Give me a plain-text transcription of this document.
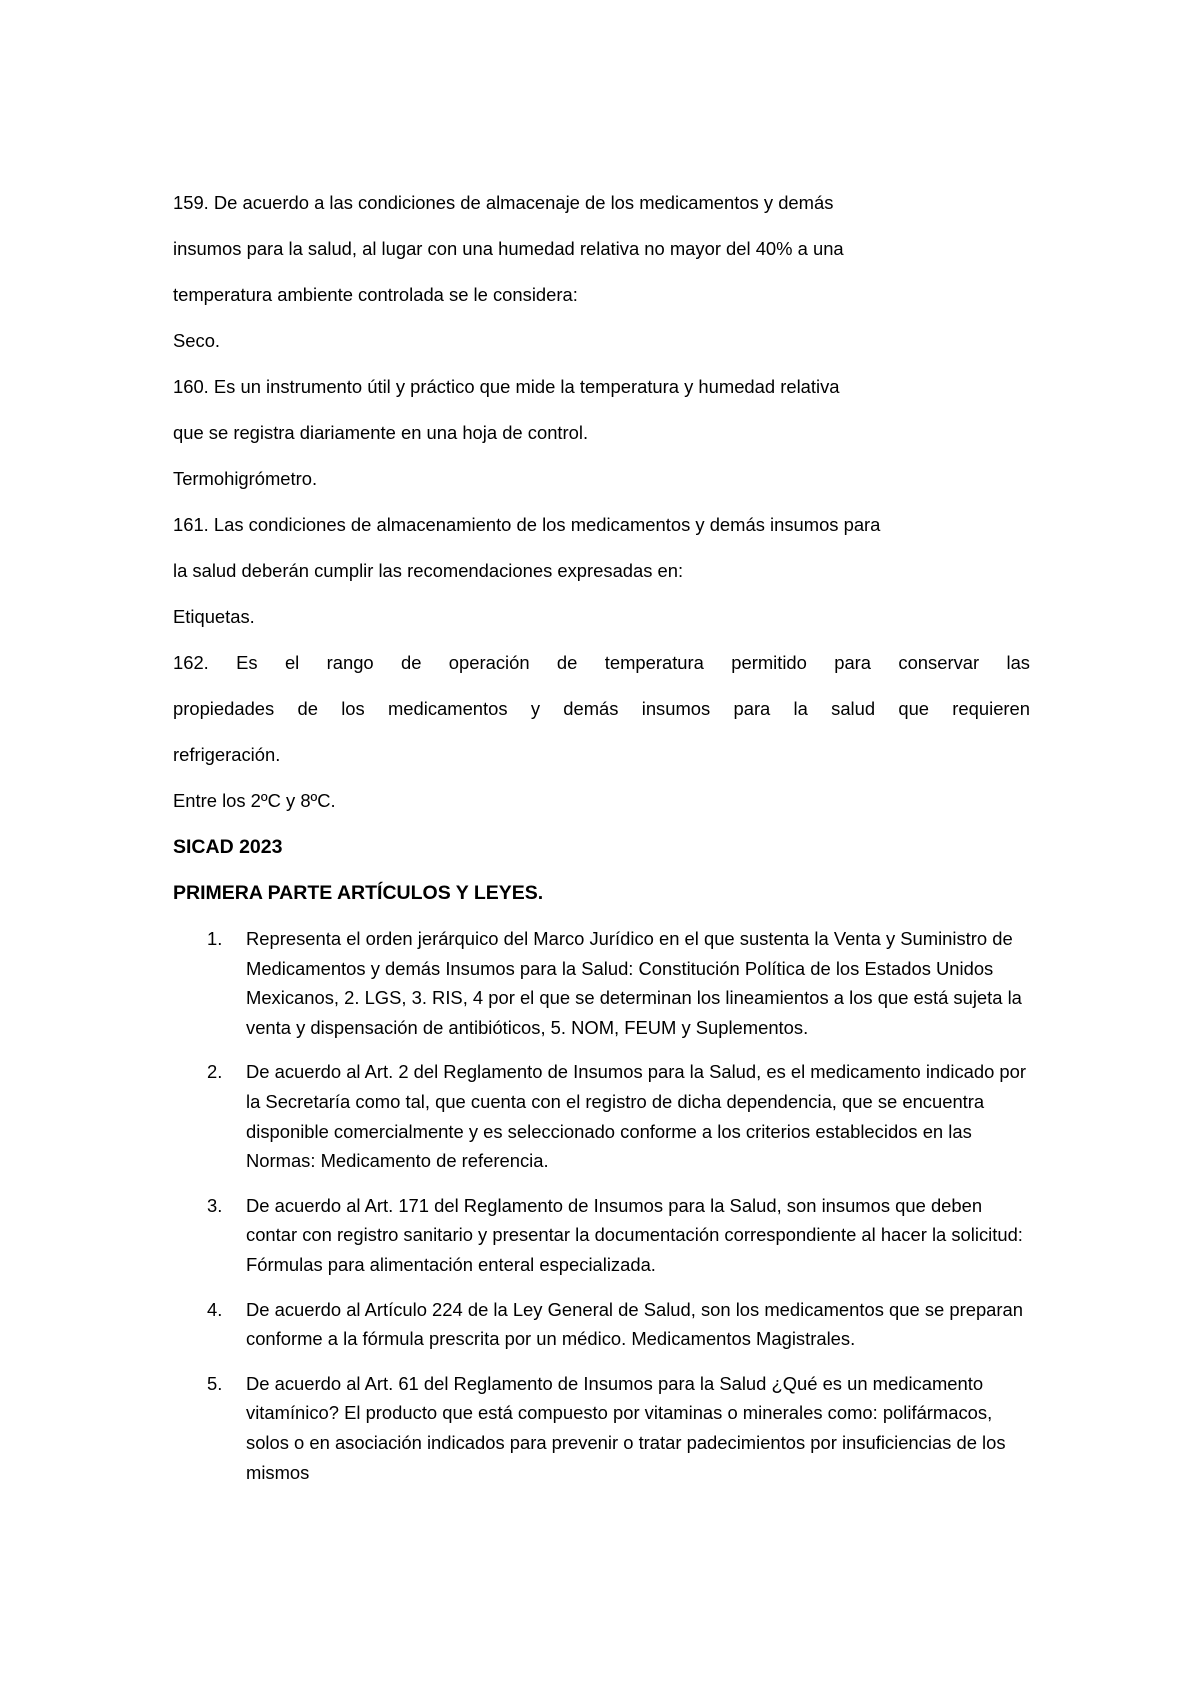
159. De acuerdo a las condiciones de almacenaje de los medicamentos y demás

insumos para la salud, al lugar con una humedad relativa no mayor del 40% a una

temperatura ambiente controlada se le considera:

Seco.

160. Es un instrumento útil y práctico que mide la temperatura y humedad relativa

que se registra diariamente en una hoja de control.

Termohigrómetro.

161. Las condiciones de almacenamiento de los medicamentos y demás insumos para

la salud deberán cumplir las recomendaciones expresadas en:

Etiquetas.

162. Es el rango de operación de temperatura permitido para conservar las

propiedades de los medicamentos y demás insumos para la salud que requieren

refrigeración.

Entre los 2ºC y 8ºC.

SICAD 2023
PRIMERA PARTE ARTÍCULOS Y LEYES.
1. Representa el orden jerárquico del Marco Jurídico en el que sustenta la Venta y Suministro de Medicamentos y demás Insumos para la Salud: Constitución Política de los Estados Unidos Mexicanos, 2. LGS, 3. RIS, 4 por el que se determinan los lineamientos a los que está sujeta la venta y dispensación de antibióticos, 5. NOM, FEUM y Suplementos.
2. De acuerdo al Art. 2 del Reglamento de Insumos para la Salud, es el medicamento indicado por la Secretaría como tal, que cuenta con el registro de dicha dependencia, que se encuentra disponible comercialmente y es seleccionado conforme a los criterios establecidos en las Normas: Medicamento de referencia.
3. De acuerdo al Art. 171 del Reglamento de Insumos para la Salud, son insumos que deben contar con registro sanitario y presentar la documentación correspondiente al hacer la solicitud: Fórmulas para alimentación enteral especializada.
4. De acuerdo al Artículo 224 de la Ley General de Salud, son los medicamentos que se preparan conforme a la fórmula prescrita por un médico. Medicamentos Magistrales.
5. De acuerdo al Art. 61 del Reglamento de Insumos para la Salud ¿Qué es un medicamento vitamínico? El producto que está compuesto por vitaminas o minerales como: polifármacos, solos o en asociación indicados para prevenir o tratar padecimientos por insuficiencias de los mismos
